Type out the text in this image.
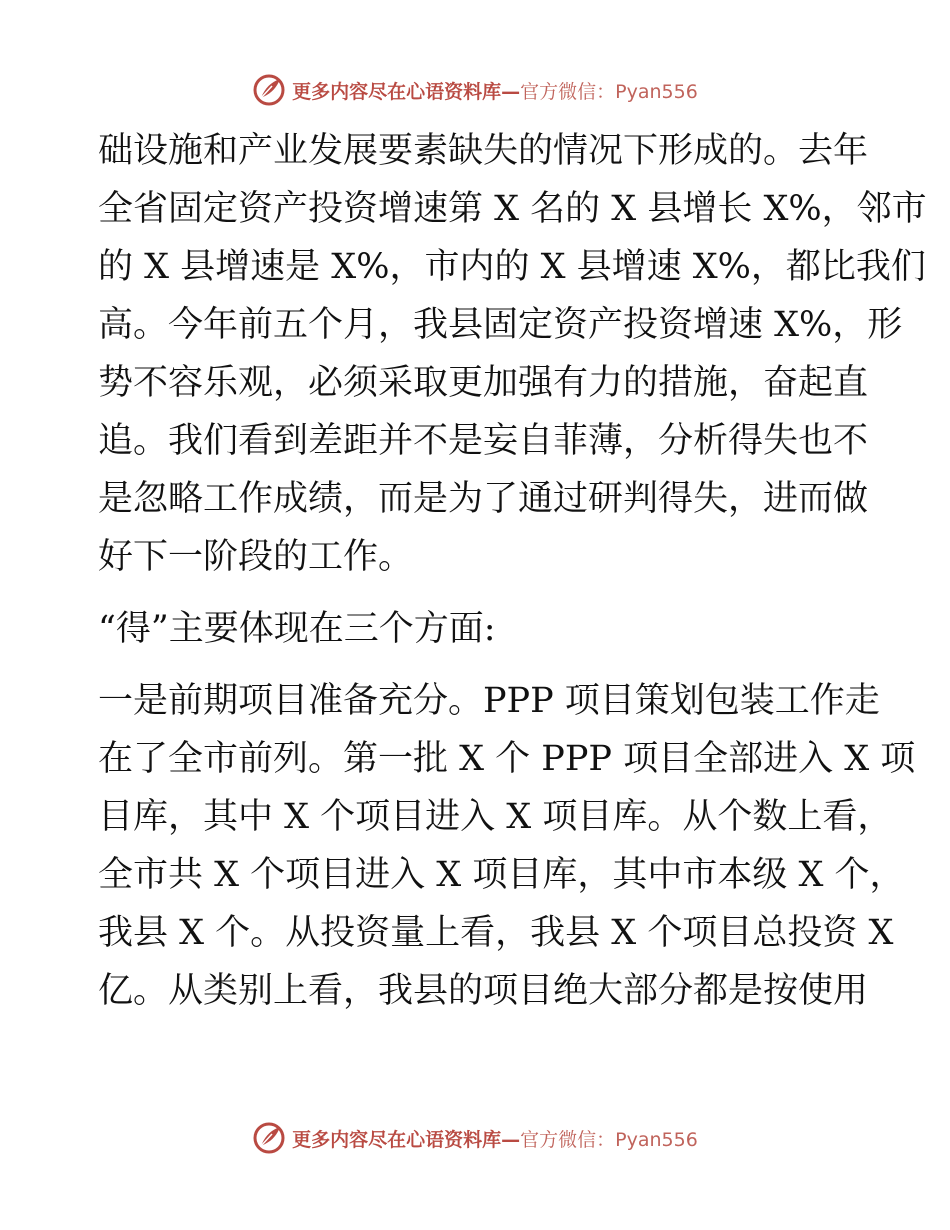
更多内容尽在心语资料库—官方微信：Pyan556
础设施和产业发展要素缺失的情况下形成的。去年
全省固定资产投资增速第 X 名的 X 县增长 X%，邻市
的 X 县增速是 X%，市内的 X 县增速 X%，都比我们
高。今年前五个月，我县固定资产投资增速 X%，形
势不容乐观，必须采取更加强有力的措施，奋起直
追。我们看到差距并不是妄自菲薄，分析得失也不
是忽略工作成绩，而是为了通过研判得失，进而做
好下一阶段的工作。
“得”主要体现在三个方面:
一是前期项目准备充分。PPP 项目策划包装工作走
在了全市前列。第一批 X 个 PPP 项目全部进入 X 项
目库，其中 X 个项目进入 X 项目库。从个数上看，
全市共 X 个项目进入 X 项目库，其中市本级 X 个，
我县 X 个。从投资量上看，我县 X 个项目总投资 X
亿。从类别上看，我县的项目绝大部分都是按使用
更多内容尽在心语资料库—官方微信：Pyan556
